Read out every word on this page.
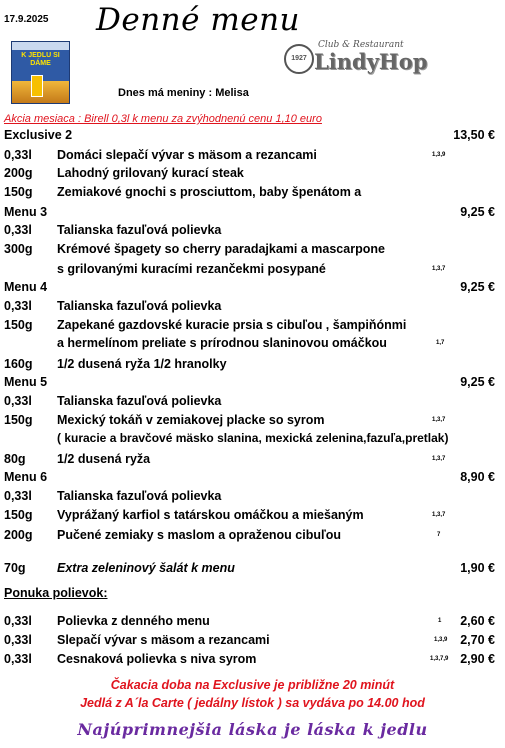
17.9.2025 Denné menu
K JEDLU SI DÁME
1927
Club & Restaurant
LindyHop
Dnes má meniny : Melisa
Akcia mesiaca : Birell 0,3l k menu za zvýhodnenú cenu 1,10 euro
Exclusive 2	13,50 €
0,33l Domáci slepačí vývar s mäsom a rezancami	1,3,9
200g Lahodný grilovaný kurací steak
150g Zemiakové gnochi s prosciuttom, baby špenátom a
Menu 3	9,25 €
0,33l Talianska fazuľová polievka
300g Krémové špagety so cherry paradajkami a mascarpone
s grilovanými kuracími rezančekmi posypané	1,3,7
Menu 4	9,25 €
0,33l Talianska fazuľová polievka
150g Zapekané gazdovské kuracie prsia s cibuľou , šampiňónmi
a hermelínom preliate s prírodnou slaninovou omáčkou	1,7
160g 1/2 dusená ryža 1/2 hranolky
Menu 5	9,25 €
0,33l Talianska fazuľová polievka
150g Mexický tokáň v zemiakovej placke so syrom	1,3,7
( kuracie a bravčové mäsko slanina, mexická zelenina,fazuľa,pretlak)
80g	1/2 dusená ryža	1,3,7
Menu 6	8,90 €
0,33l Talianska fazuľová polievka
150g Vyprážaný karfiol s tatárskou omáčkou a miešaným	1,3,7
200g Pučené zemiaky s maslom a opraženou cibuľou	7
70g	Extra zeleninový šalát k menu	1,90 €
Ponuka polievok:
0,33l Polievka z denného menu	1 2,60 €
0,33l Slepačí vývar s mäsom a rezancami	1,3,9 2,70 €
0,33l Cesnaková polievka s niva syrom	1,3,7,9 2,90 €
Čakacia doba na Exclusive je približne 20 minút
Jedlá z A´la Carte ( jedálny lístok ) sa vydáva po 14.00 hod
Najúprimnejšia láska je láska k jedlu
